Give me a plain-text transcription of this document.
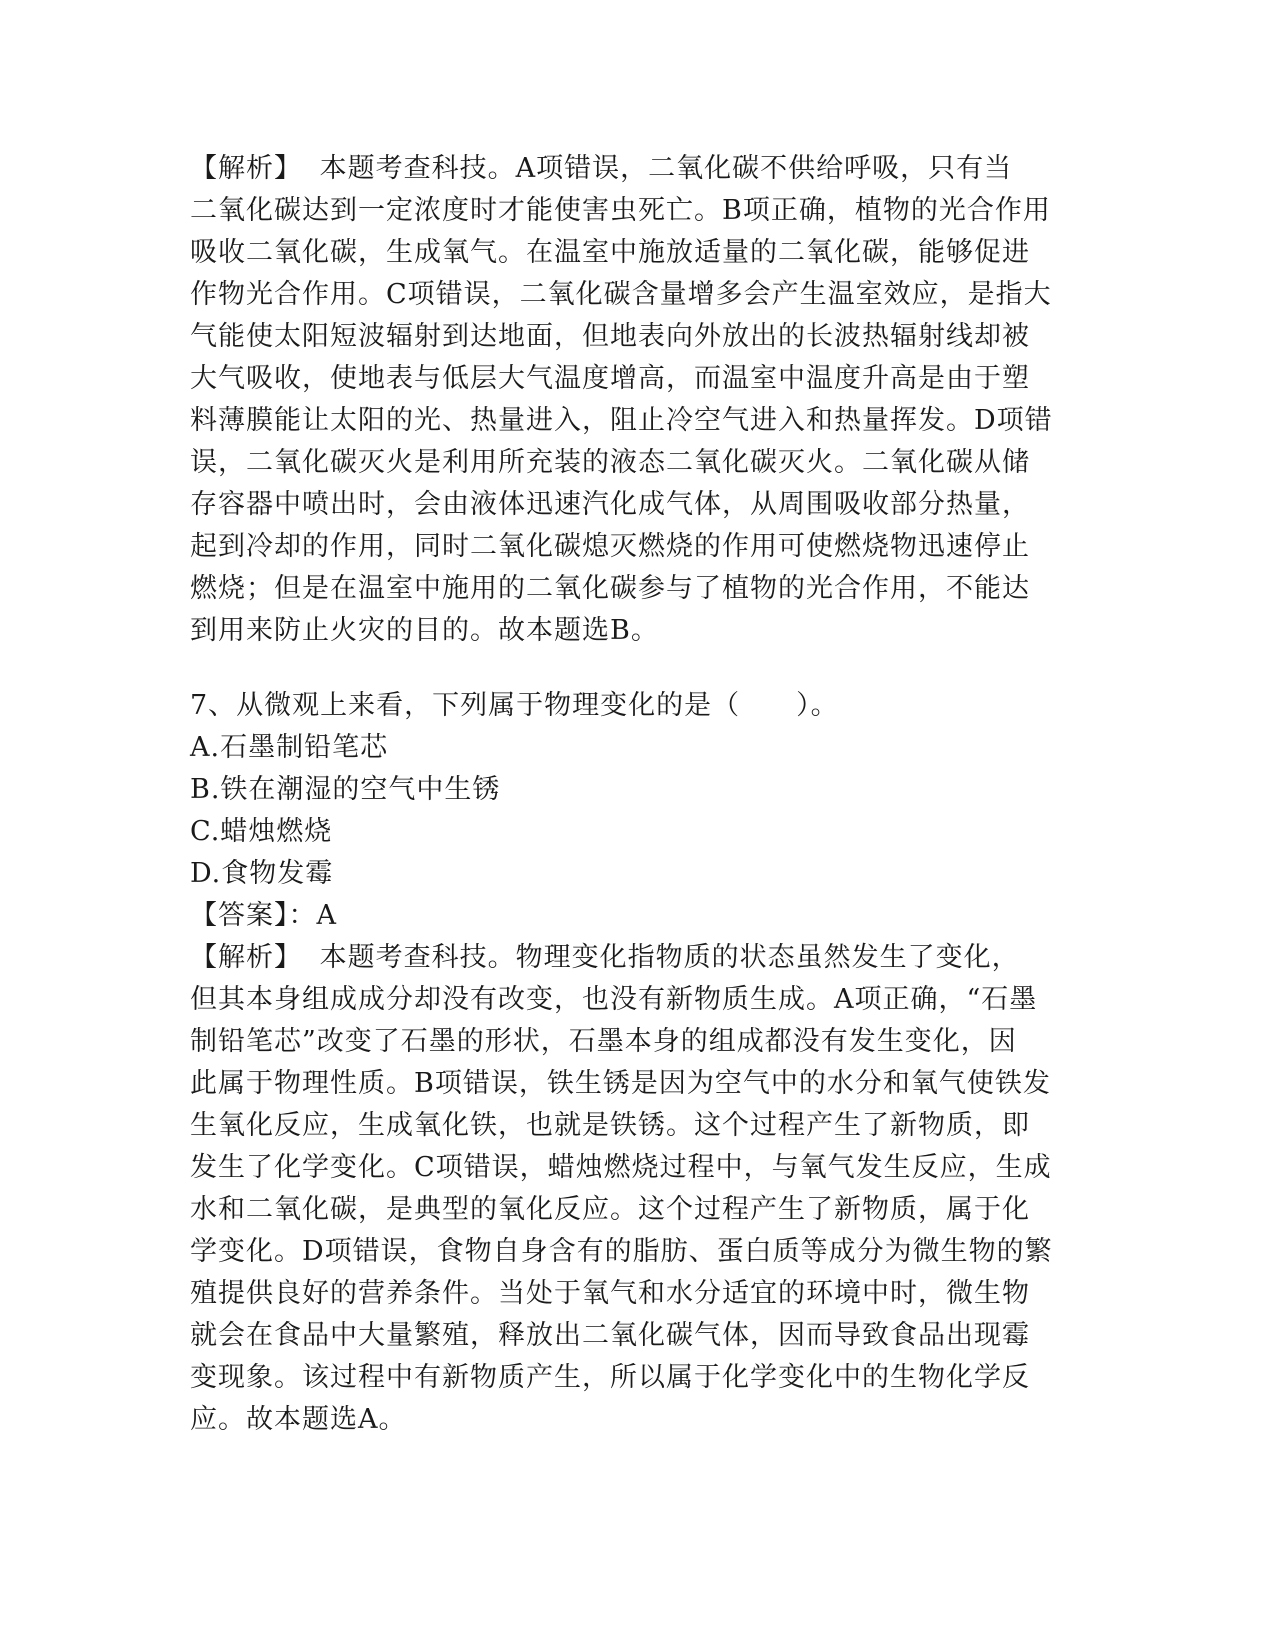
【解析】 本题考查科技。A项错误，二氧化碳不供给呼吸，只有当
二氧化碳达到一定浓度时才能使害虫死亡。B项正确，植物的光合作用
吸收二氧化碳，生成氧气。在温室中施放适量的二氧化碳，能够促进
作物光合作用。C项错误，二氧化碳含量增多会产生温室效应，是指大
气能使太阳短波辐射到达地面，但地表向外放出的长波热辐射线却被
大气吸收，使地表与低层大气温度增高，而温室中温度升高是由于塑
料薄膜能让太阳的光、热量进入，阻止冷空气进入和热量挥发。D项错
误，二氧化碳灭火是利用所充装的液态二氧化碳灭火。二氧化碳从储
存容器中喷出时，会由液体迅速汽化成气体，从周围吸收部分热量，
起到冷却的作用，同时二氧化碳熄灭燃烧的作用可使燃烧物迅速停止
燃烧；但是在温室中施用的二氧化碳参与了植物的光合作用，不能达
到用来防止火灾的目的。故本题选B。
7、从微观上来看，下列属于物理变化的是（　　）。
A.石墨制铅笔芯
B.铁在潮湿的空气中生锈
C.蜡烛燃烧
D.食物发霉
【答案】：A
【解析】 本题考查科技。物理变化指物质的状态虽然发生了变化，
但其本身组成成分却没有改变，也没有新物质生成。A项正确，“石墨
制铅笔芯”改变了石墨的形状，石墨本身的组成都没有发生变化，因
此属于物理性质。B项错误，铁生锈是因为空气中的水分和氧气使铁发
生氧化反应，生成氧化铁，也就是铁锈。这个过程产生了新物质，即
发生了化学变化。C项错误，蜡烛燃烧过程中，与氧气发生反应，生成
水和二氧化碳，是典型的氧化反应。这个过程产生了新物质，属于化
学变化。D项错误，食物自身含有的脂肪、蛋白质等成分为微生物的繁
殖提供良好的营养条件。当处于氧气和水分适宜的环境中时，微生物
就会在食品中大量繁殖，释放出二氧化碳气体，因而导致食品出现霉
变现象。该过程中有新物质产生，所以属于化学变化中的生物化学反
应。故本题选A。
